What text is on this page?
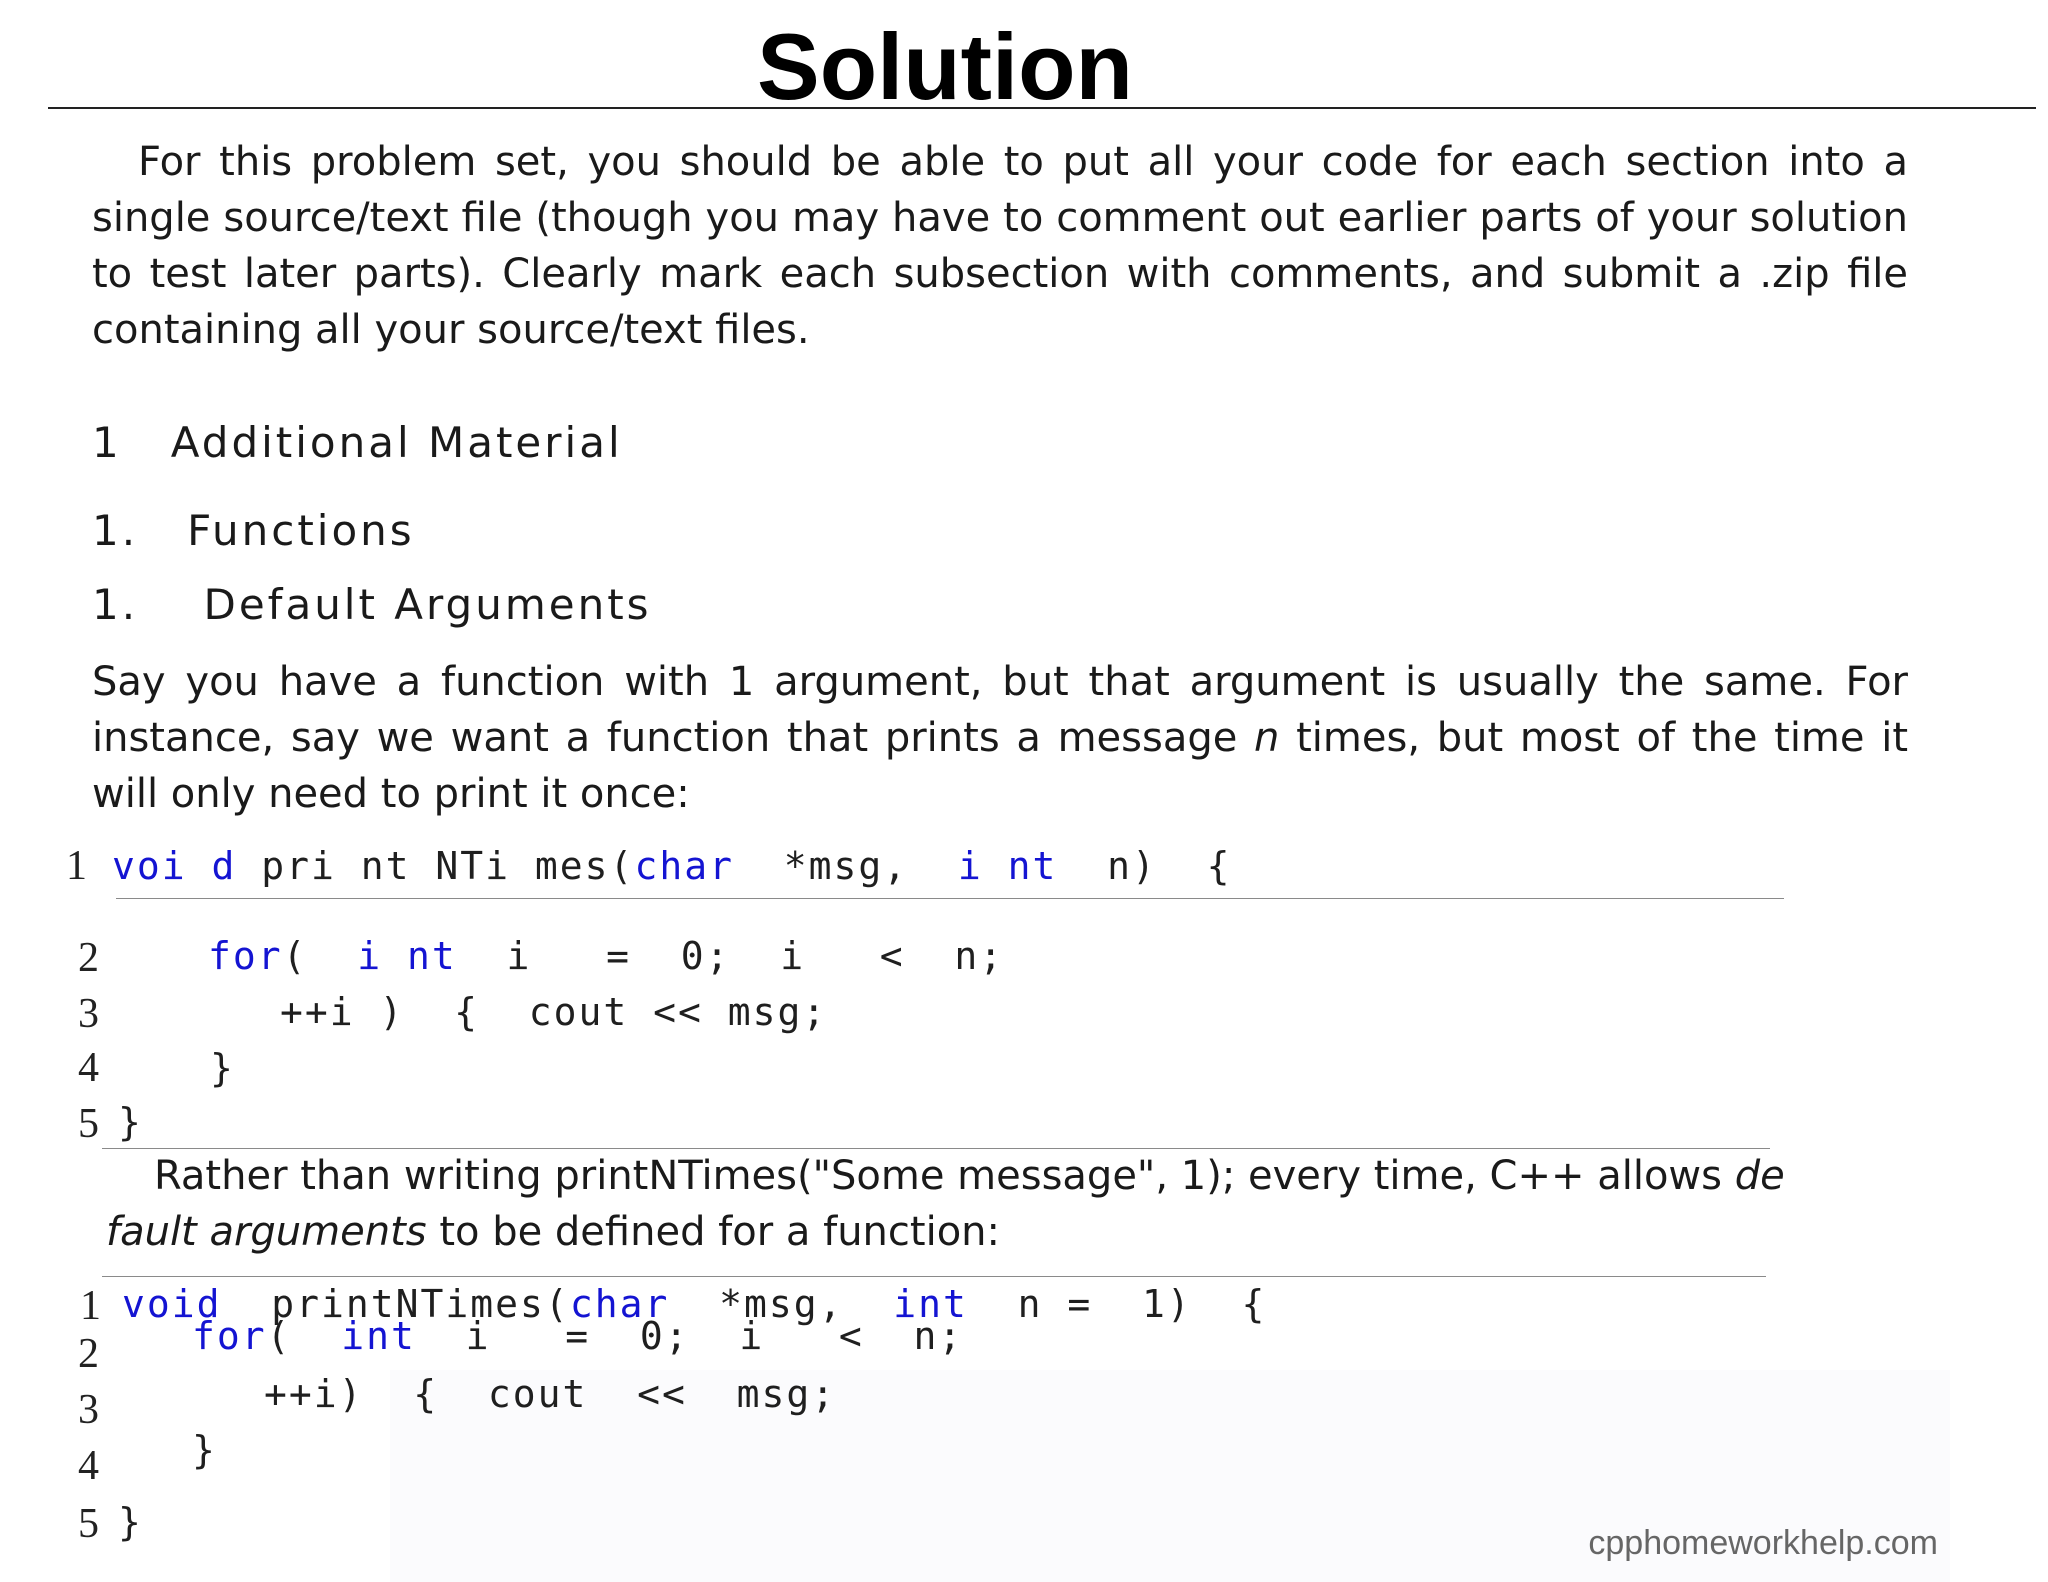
Solution

For this problem set, you should be able to put all your code for each section into a single source/text file (though you may have to comment out earlier parts of your solution to test later parts). Clearly mark each subsection with comments, and submit a .zip file containing all your source/text files.

1 Additional Material
1. Functions
1. Default Arguments

Say you have a function with 1 argument, but that argument is usually the same. For instance, say we want a function that prints a message n times, but most of the time it will only need to print it once:

1 voi d pri nt NTi mes(char  *msg,  i nt  n)  {
2	for(  i nt  i   =  0;  i   <  n;
3	++i )  {  cout << msg;
4	}
5 }

Rather than writing printNTimes("Some message", 1); every time, C++ allows de fault arguments to be defined for a function:

1 void  printNTimes(char  *msg,  int  n =  1)  {
2 for(  int  i   =  0;  i   <  n;
3	++i)  {  cout  <<  msg;
4 }
5 }	cpphomeworkhelp.com
